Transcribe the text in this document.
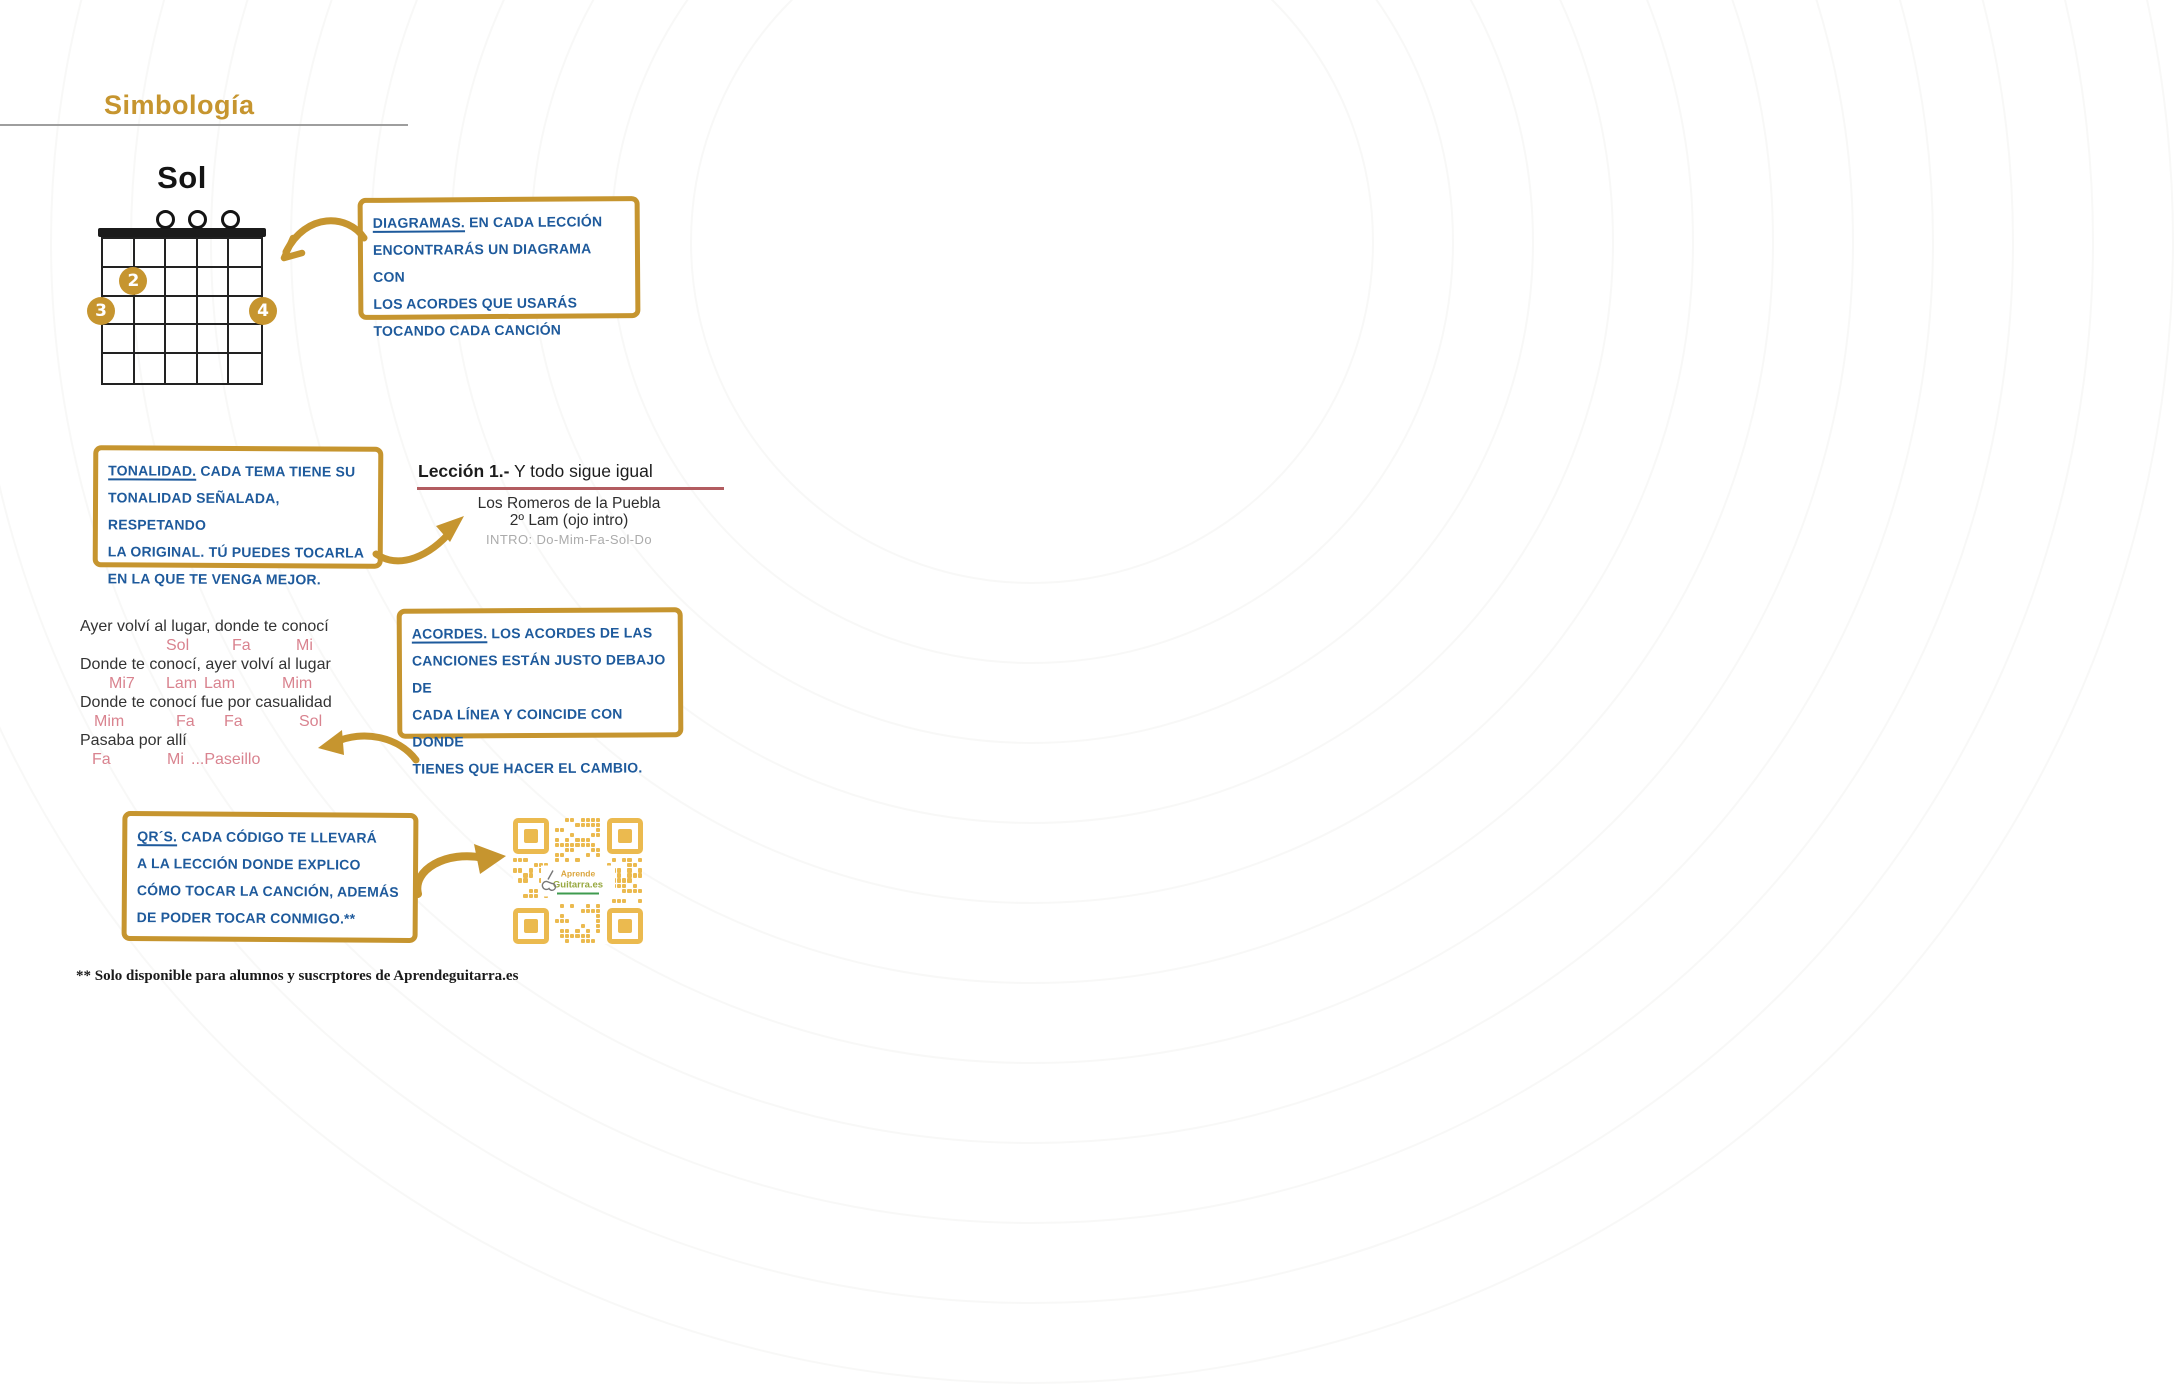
Simbología
Sol
2
3	4
DIAGRAMAS. EN CADA LECCIÓN
ENCONTRARÁS UN DIAGRAMA CON
LOS ACORDES QUE USARÁS
TOCANDO CADA CANCIÓN
TONALIDAD. CADA TEMA TIENE SU
TONALIDAD SEÑALADA, RESPETANDO
LA ORIGINAL. TÚ PUEDES TOCARLA
EN LA QUE TE VENGA MEJOR.
ACORDES. LOS ACORDES DE LAS
CANCIONES ESTÁN JUSTO DEBAJO DE
CADA LÍNEA Y COINCIDE CON DONDE
TIENES QUE HACER EL CAMBIO.
QR´S. CADA CÓDIGO TE LLEVARÁ
A LA LECCIÓN DONDE EXPLICO
CÓMO TOCAR LA CANCIÓN, ADEMÁS
DE PODER TOCAR CONMIGO.**
Lección 1.- Y todo sigue igual
Los Romeros de la Puebla
2º Lam (ojo intro)
INTRO: Do-Mim-Fa-Sol-Do
Ayer volví al lugar, donde te conocí
Sol	Fa	Mi
Donde te conocí, ayer volví al lugar
Mi7 Lam Lam	Mim
Donde te conocí fue por casualidad
Mim	Fa Fa	Sol
Pasaba por allí
Fa	Mi ...Paseillo
Aprende
Guitarra.es
** Solo disponible para alumnos y suscrptores de Aprendeguitarra.es
